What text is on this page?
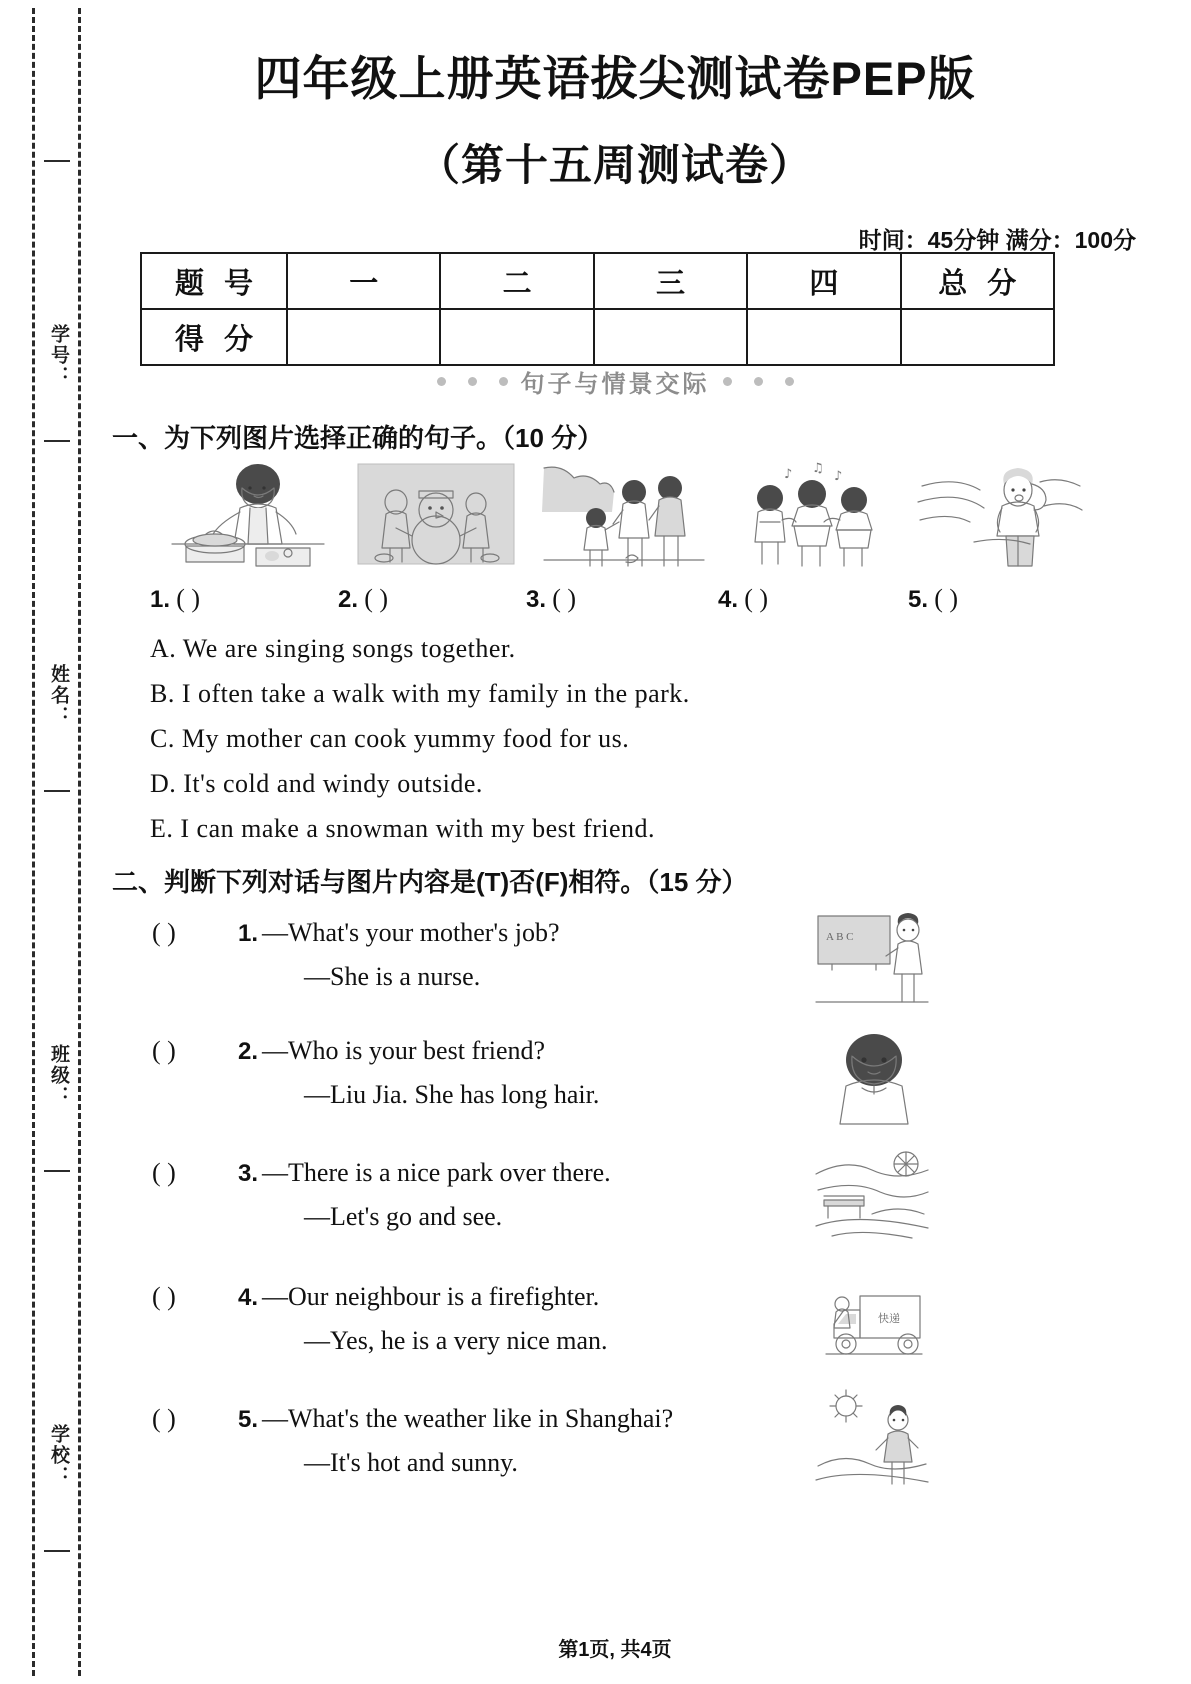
学号：
姓名：
班级：
学校：
四年级上册英语拔尖测试卷PEP版
（第十五周测试卷）
时间：45分钟 满分：100分
题 号	一	二	三	四	总 分
得 分					
句子与情景交际
一、为下列图片选择正确的句子。（10 分）
♪ ♫
♪
1. ( )	2. ( )	3. ( )	4. ( )	5. ( )
A. We are singing songs together.
B. I often take a walk with my family in the park.
C. My mother can cook yummy food for us.
D. It's cold and windy outside.
E. I can make a snowman with my best friend.
二、判断下列对话与图片内容是(T)否(F)相符。（15 分）
( )	1. —What's your mother's job?
—She is a nurse.
A B C
( )	2. —Who is your best friend?
—Liu Jia. She has long hair.
( )	3. —There is a nice park over there.
—Let's go and see.
( )	4. —Our neighbour is a firefighter.
—Yes, he is a very nice man.
快递
( )	5. —What's the weather like in Shanghai?
—It's hot and sunny.
第1页, 共4页
